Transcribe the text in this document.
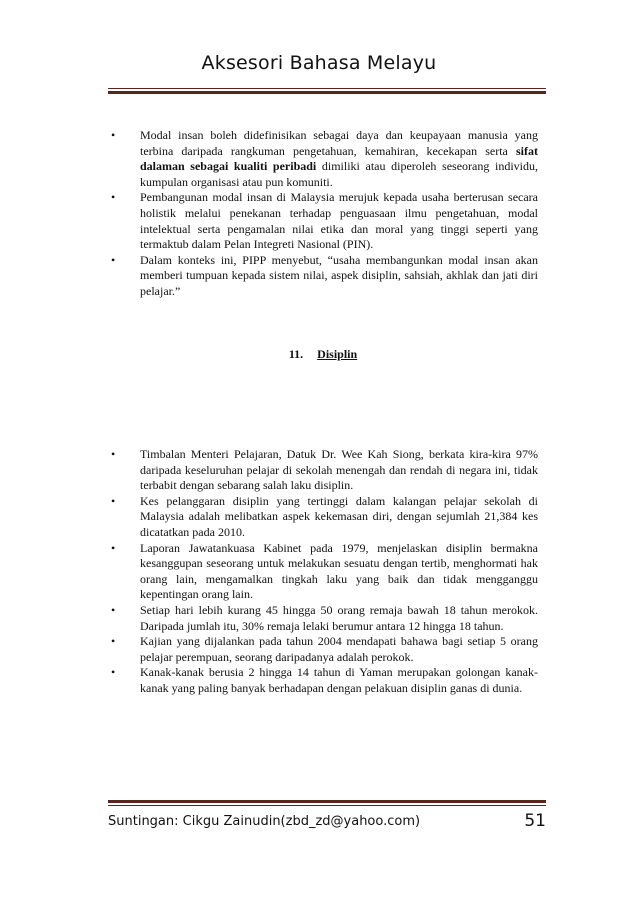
Aksesori Bahasa Melayu
• Modal insan boleh didefinisikan sebagai daya dan keupayaan manusia yang terbina daripada rangkuman pengetahuan, kemahiran, kecekapan serta sifat dalaman sebagai kualiti peribadi dimiliki atau diperoleh seseorang individu, kumpulan organisasi atau pun komuniti.
• Pembangunan modal insan di Malaysia merujuk kepada usaha berterusan secara holistik melalui penekanan terhadap penguasaan ilmu pengetahuan, modal intelektual serta pengamalan nilai etika dan moral yang tinggi seperti yang termaktub dalam Pelan Integreti Nasional (PIN).
• Dalam konteks ini, PIPP menyebut, “usaha membangunkan modal insan akan memberi tumpuan kepada sistem nilai, aspek disiplin, sahsiah, akhlak dan jati diri pelajar.”
11. Disiplin
• Timbalan Menteri Pelajaran, Datuk Dr. Wee Kah Siong, berkata kira-kira 97% daripada keseluruhan pelajar di sekolah menengah dan rendah di negara ini, tidak terbabit dengan sebarang salah laku disiplin.
• Kes pelanggaran disiplin yang tertinggi dalam kalangan pelajar sekolah di Malaysia adalah melibatkan aspek kekemasan diri, dengan sejumlah 21,384 kes dicatatkan pada 2010.
• Laporan Jawatankuasa Kabinet pada 1979, menjelaskan disiplin bermakna kesanggupan seseorang untuk melakukan sesuatu dengan tertib, menghormati hak orang lain, mengamalkan tingkah laku yang baik dan tidak mengganggu kepentingan orang lain.
• Setiap hari lebih kurang 45 hingga 50 orang remaja bawah 18 tahun merokok. Daripada jumlah itu, 30% remaja lelaki berumur antara 12 hingga 18 tahun.
• Kajian yang dijalankan pada tahun 2004 mendapati bahawa bagi setiap 5 orang pelajar perempuan, seorang daripadanya adalah perokok.
• Kanak-kanak berusia 2 hingga 14 tahun di Yaman merupakan golongan kanak-kanak yang paling banyak berhadapan dengan pelakuan disiplin ganas di dunia.
Suntingan: Cikgu Zainudin(zbd_zd@yahoo.com)	51
